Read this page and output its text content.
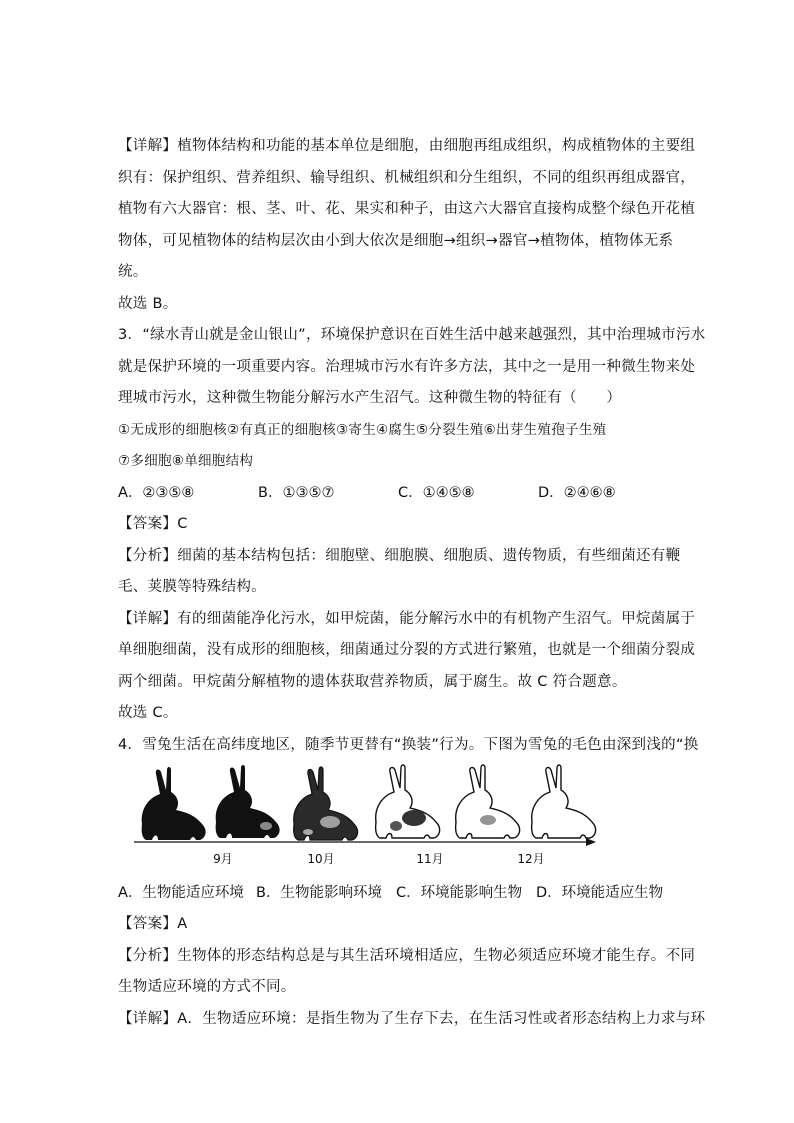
【详解】植物体结构和功能的基本单位是细胞，由细胞再组成组织，构成植物体的主要组
织有：保护组织、营养组织、输导组织、机械组织和分生组织，不同的组织再组成器官，
植物有六大器官：根、茎、叶、花、果实和种子，由这六大器官直接构成整个绿色开花植
物体，可见植物体的结构层次由小到大依次是细胞→组织→器官→植物体，植物体无系
统。
故选 B。
3．“绿水青山就是金山银山”，环境保护意识在百姓生活中越来越强烈，其中治理城市污水
就是保护环境的一项重要内容。治理城市污水有许多方法，其中之一是用一种微生物来处
理城市污水，这种微生物能分解污水产生沼气。这种微生物的特征有（　　）
①无成形的细胞核②有真正的细胞核③寄生④腐生⑤分裂生殖⑥出芽生殖孢子生殖
⑦多细胞⑧单细胞结构
A．②③⑤⑧	B．①③⑤⑦	C．①④⑤⑧	D．②④⑥⑧
【答案】C
【分析】细菌的基本结构包括：细胞壁、细胞膜、细胞质、遗传物质，有些细菌还有鞭
毛、荚膜等特殊结构。
【详解】有的细菌能净化污水，如甲烷菌，能分解污水中的有机物产生沼气。甲烷菌属于
单细胞细菌，没有成形的细胞核，细菌通过分裂的方式进行繁殖，也就是一个细菌分裂成
两个细菌。甲烷菌分解植物的遗体获取营养物质，属于腐生。故 C 符合题意。
故选 C。
4．雪兔生活在高纬度地区，随季节更替有“换装”行为。下图为雪兔的毛色由深到浅的“换
9月	10月	11月	12月
A．生物能适应环境 B．生物能影响环境 C．环境能影响生物 D．环境能适应生物
【答案】A
【分析】生物体的形态结构总是与其生活环境相适应，生物必须适应环境才能生存。不同
生物适应环境的方式不同。
【详解】A．生物适应环境：是指生物为了生存下去，在生活习性或者形态结构上力求与环
